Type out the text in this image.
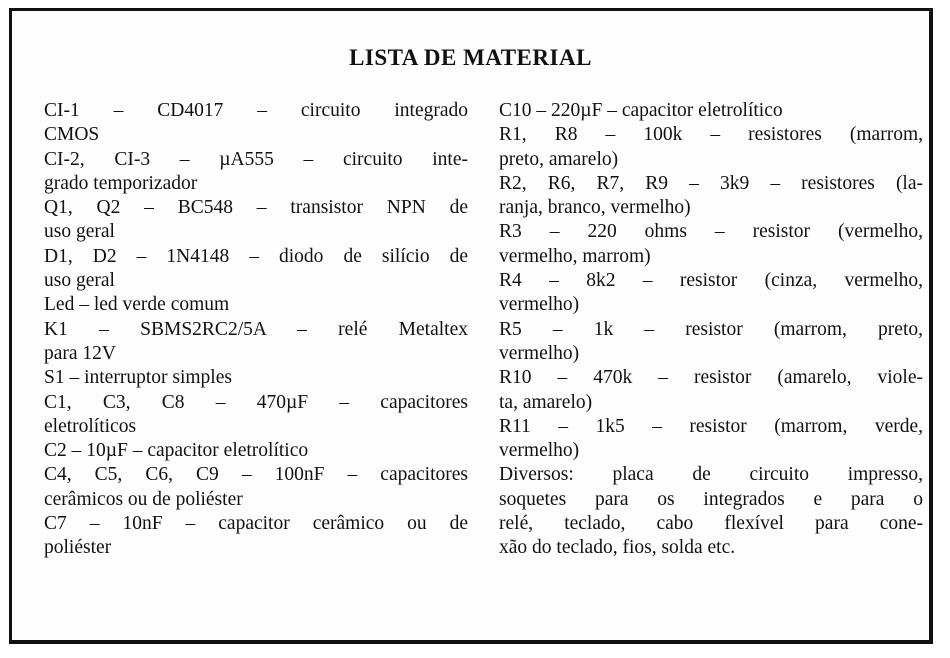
LISTA DE MATERIAL
CI-1 – CD4017 – circuito integrado
CMOS
CI-2, CI-3 – µA555 – circuito inte-
grado temporizador
Q1, Q2 – BC548 – transistor NPN de
uso geral
D1, D2 – 1N4148 – diodo de silício de
uso geral
Led – led verde comum
K1 – SBMS2RC2/5A – relé Metaltex
para 12V
S1 – interruptor simples
C1, C3, C8 – 470µF – capacitores
eletrolíticos
C2 – 10µF – capacitor eletrolítico
C4, C5, C6, C9 – 100nF – capacitores
cerâmicos ou de poliéster
C7 – 10nF – capacitor cerâmico ou de
poliéster
C10 – 220µF – capacitor eletrolítico
R1, R8 – 100k – resistores (marrom,
preto, amarelo)
R2, R6, R7, R9 – 3k9 – resistores (la-
ranja, branco, vermelho)
R3 – 220 ohms – resistor (vermelho,
vermelho, marrom)
R4 – 8k2 – resistor (cinza, vermelho,
vermelho)
R5 – 1k – resistor (marrom, preto,
vermelho)
R10 – 470k – resistor (amarelo, viole-
ta, amarelo)
R11 – 1k5 – resistor (marrom, verde,
vermelho)
Diversos: placa de circuito impresso,
soquetes para os integrados e para o
relé, teclado, cabo flexível para cone-
xão do teclado, fios, solda etc.
